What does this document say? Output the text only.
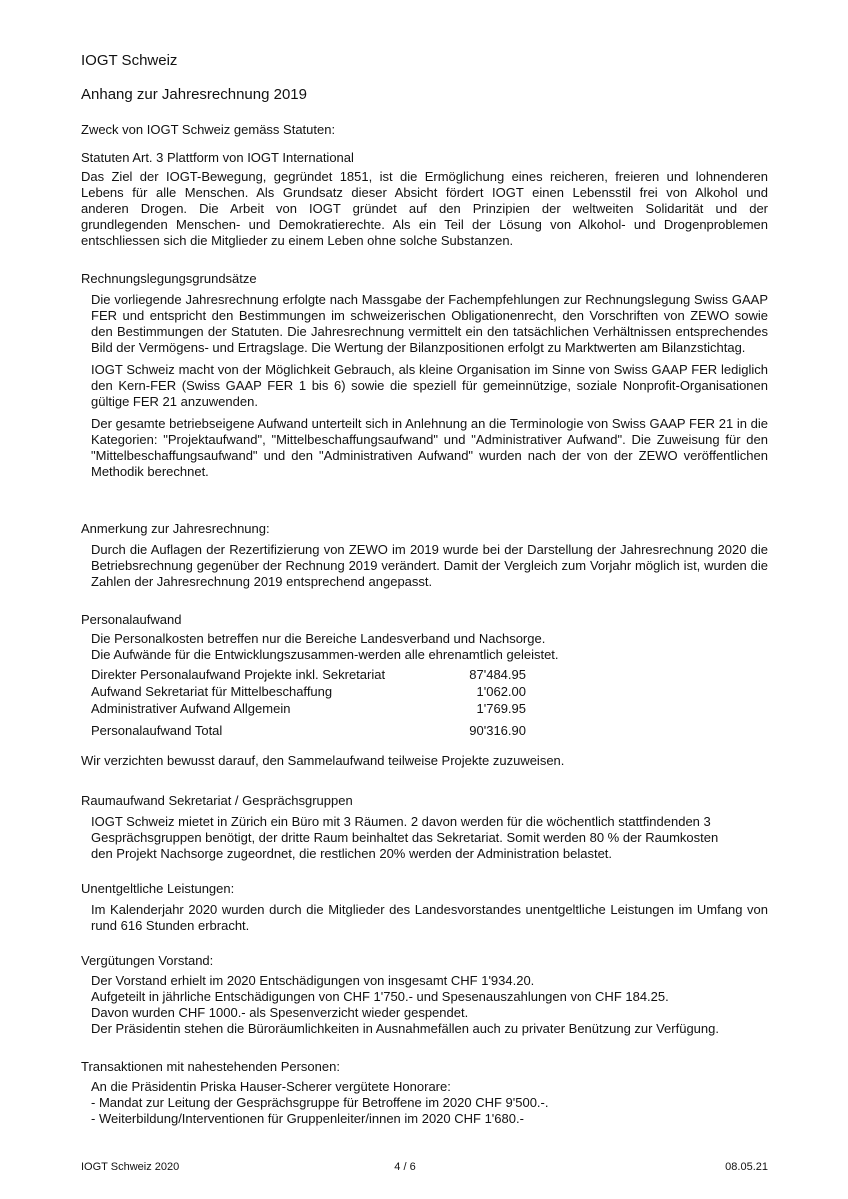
IOGT Schweiz
Anhang zur Jahresrechnung 2019

Zweck von IOGT Schweiz gemäss Statuten:

Statuten Art. 3 Plattform von IOGT International

Das Ziel der IOGT-Bewegung, gegründet 1851, ist die Ermöglichung eines reicheren, freieren und lohnenderen
Lebens für alle Menschen. Als Grundsatz dieser Absicht fördert IOGT einen Lebensstil frei von Alkohol und
anderen Drogen. Die Arbeit von IOGT gründet auf den Prinzipien der weltweiten Solidarität und der
grundlegenden Menschen- und Demokratierechte. Als ein Teil der Lösung von Alkohol- und Drogenproblemen
entschliessen sich die Mitglieder zu einem Leben ohne solche Substanzen.

Rechnungslegungsgrundsätze

Die vorliegende Jahresrechnung erfolgte nach Massgabe der Fachempfehlungen zur Rechnungslegung Swiss GAAP FER und entspricht den Bestimmungen im schweizerischen Obligationenrecht, den Vorschriften von ZEWO sowie den Bestimmungen der Statuten. Die Jahresrechnung vermittelt ein den tatsächlichen Verhältnissen entsprechendes Bild der Vermögens- und Ertragslage. Die Wertung der Bilanzpositionen erfolgt zu Marktwerten am Bilanzstichtag.

IOGT Schweiz macht von der Möglichkeit Gebrauch, als kleine Organisation im Sinne von Swiss GAAP FER lediglich den Kern-FER (Swiss GAAP FER 1 bis 6) sowie die speziell für gemeinnützige, soziale Nonprofit-Organisationen gültige FER 21 anzuwenden.

Der gesamte betriebseigene Aufwand unterteilt sich in Anlehnung an die Terminologie von Swiss GAAP FER 21 in die Kategorien: "Projektaufwand", "Mittelbeschaffungsaufwand" und "Administrativer Aufwand". Die Zuweisung für den "Mittelbeschaffungsaufwand" und den "Administrativen Aufwand" wurden nach der von der ZEWO veröffentlichen Methodik berechnet.

Anmerkung zur Jahresrechnung:

Durch die Auflagen der Rezertifizierung von ZEWO im 2019 wurde bei der Darstellung der Jahresrechnung 2020 die Betriebsrechnung gegenüber der Rechnung 2019 verändert. Damit der Vergleich zum Vorjahr möglich ist, wurden die Zahlen der Jahresrechnung 2019 entsprechend angepasst.

Personalaufwand

Die Personalkosten betreffen nur die Bereiche Landesverband und Nachsorge.
Die Aufwände für die Entwicklungszusammen-werden alle ehrenamtlich geleistet.
Direkter Personalaufwand Projekte inkl. Sekretariat	87'484.95
Aufwand Sekretariat für Mittelbeschaffung	1'062.00
Administrativer Aufwand Allgemein	1'769.95
Personalaufwand Total	90'316.90
Wir verzichten bewusst darauf, den Sammelaufwand teilweise Projekte zuzuweisen.

Raumaufwand Sekretariat / Gesprächsgruppen

IOGT Schweiz mietet in Zürich ein Büro mit 3 Räumen. 2 davon werden für die wöchentlich stattfindenden 3
Gesprächsgruppen benötigt, der dritte Raum beinhaltet das Sekretariat. Somit werden 80 % der Raumkosten
den Projekt Nachsorge zugeordnet, die restlichen 20% werden der Administration belastet.

Unentgeltliche Leistungen:

Im Kalenderjahr 2020 wurden durch die Mitglieder des Landesvorstandes unentgeltliche Leistungen im Umfang von rund 616 Stunden erbracht.

Vergütungen Vorstand:

Der Vorstand erhielt im 2020 Entschädigungen von insgesamt CHF 1'934.20.
Aufgeteilt in jährliche Entschädigungen von CHF 1'750.- und Spesenauszahlungen von CHF 184.25.
Davon wurden CHF 1000.- als Spesenverzicht wieder gespendet.
Der Präsidentin stehen die Büroräumlichkeiten in Ausnahmefällen auch zu privater Benützung zur Verfügung.

Transaktionen mit nahestehenden Personen:

An die Präsidentin Priska Hauser-Scherer vergütete Honorare:
- Mandat zur Leitung der Gesprächsgruppe für Betroffene im 2020 CHF 9'500.-.
- Weiterbildung/Interventionen für Gruppenleiter/innen im 2020 CHF 1'680.-
IOGT Schweiz 2020	4 / 6	08.05.21
